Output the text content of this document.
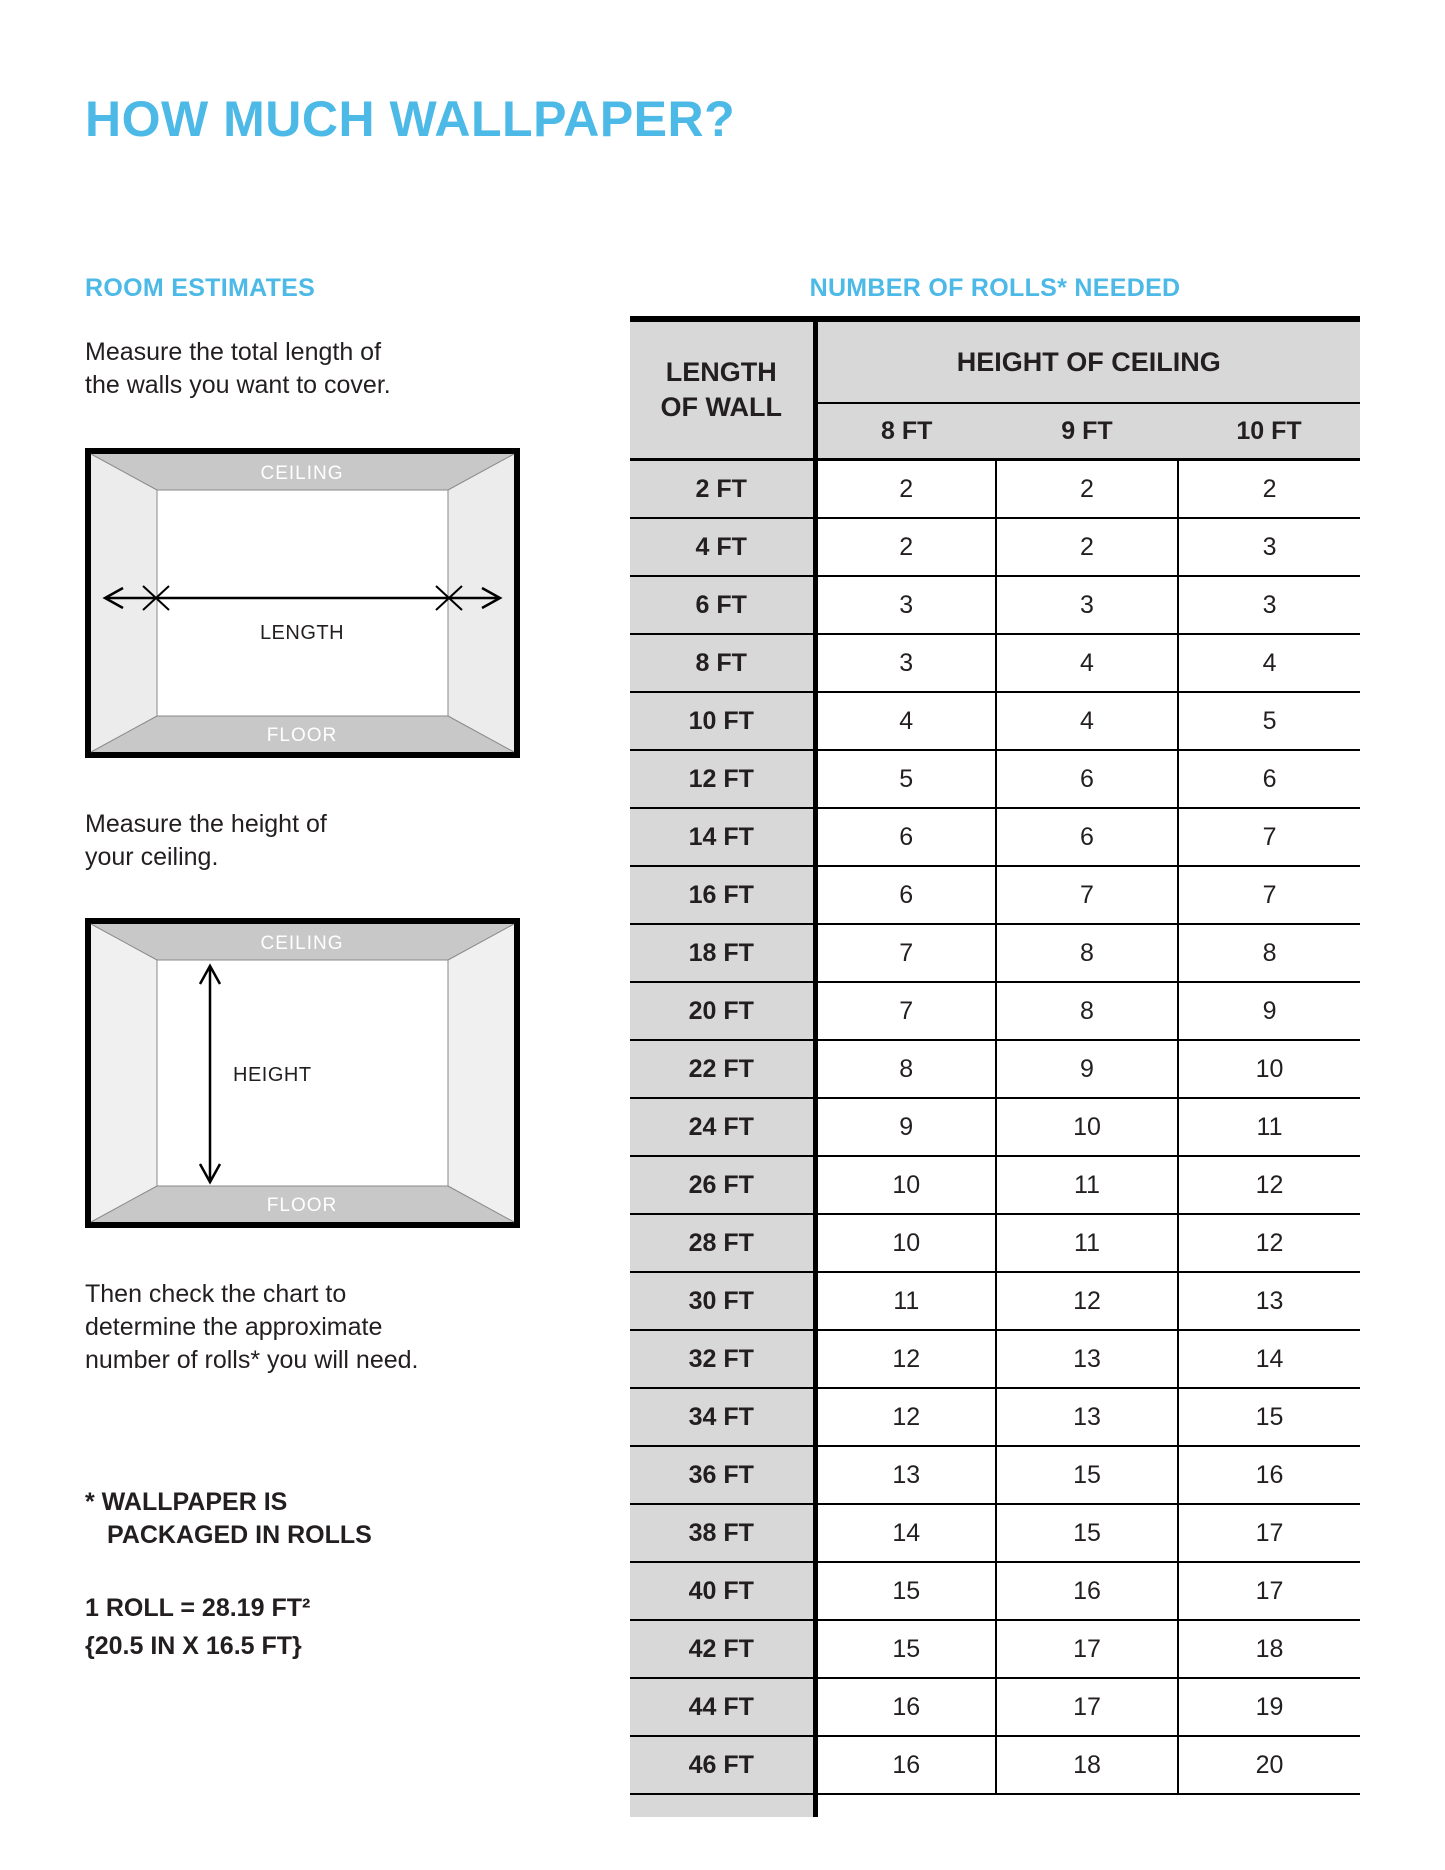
HOW MUCH WALLPAPER?
ROOM ESTIMATES	NUMBER OF ROLLS* NEEDED
Measure the total length of
the walls you want to cover.
CEILING
FLOOR
LENGTH
Measure the height of
your ceiling.
CEILING
FLOOR
HEIGHT
Then check the chart to
determine the approximate
number of rolls* you will need.
* WALLPAPER IS
PACKAGED IN ROLLS
1 ROLL = 28.19 FT²
{20.5 IN X 16.5 FT}
LENGTH
OF WALL	HEIGHT OF CEILING		
	8 FT	9 FT	10 FT
2 FT	2	2	2
4 FT	2	2	3
6 FT	3	3	3
8 FT	3	4	4
10 FT	4	4	5
12 FT	5	6	6
14 FT	6	6	7
16 FT	6	7	7
18 FT	7	8	8
20 FT	7	8	9
22 FT	8	9	10
24 FT	9	10	11
26 FT	10	11	12
28 FT	10	11	12
30 FT	11	12	13
32 FT	12	13	14
34 FT	12	13	15
36 FT	13	15	16
38 FT	14	15	17
40 FT	15	16	17
42 FT	15	17	18
44 FT	16	17	19
46 FT	16	18	20
